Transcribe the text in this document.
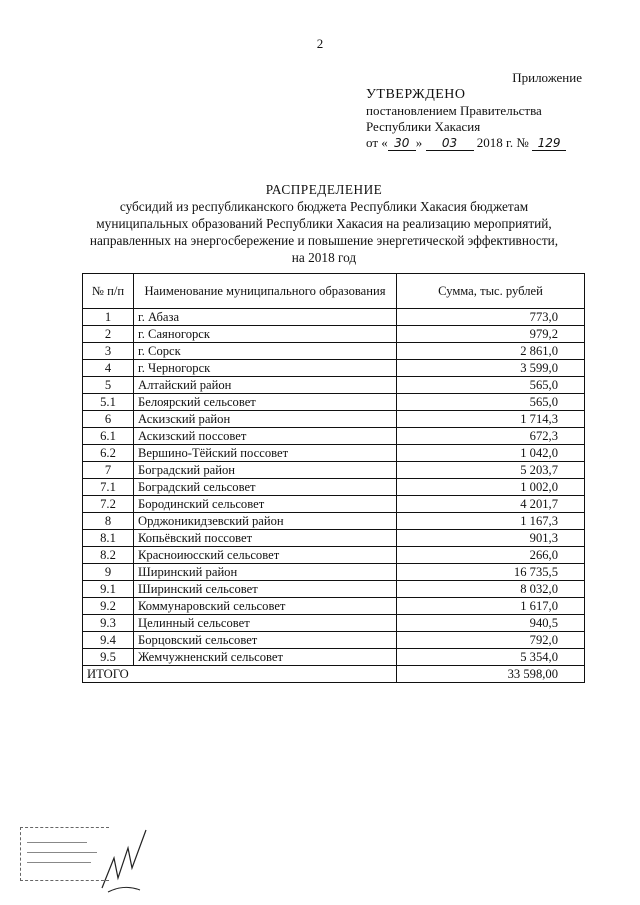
2
Приложение
УТВЕРЖДЕНО
постановлением Правительства
Республики Хакасия
от « 30 » 03 2018 г. № 129
РАСПРЕДЕЛЕНИЕ
субсидий из республиканского бюджета Республики Хакасия бюджетам
муниципальных образований Республики Хакасия на реализацию мероприятий,
направленных на энергосбережение и повышение энергетической эффективности,
на 2018 год
№ п/п	Наименование муниципального образования	Сумма, тыс. рублей
1	г. Абаза	773,0
2	г. Саяногорск	979,2
3	г. Сорск	2 861,0
4	г. Черногорск	3 599,0
5	Алтайский район	565,0
5.1	Белоярский сельсовет	565,0
6	Аскизский район	1 714,3
6.1	Аскизский поссовет	672,3
6.2	Вершино-Тёйский поссовет	1 042,0
7	Боградский район	5 203,7
7.1	Боградский сельсовет	1 002,0
7.2	Бородинский сельсовет	4 201,7
8	Орджоникидзевский район	1 167,3
8.1	Копьёвский поссовет	901,3
8.2	Красноиюсский сельсовет	266,0
9	Ширинский район	16 735,5
9.1	Ширинский сельсовет	8 032,0
9.2	Коммунаровский сельсовет	1 617,0
9.3	Целинный сельсовет	940,5
9.4	Борцовский сельсовет	792,0
9.5	Жемчужненский сельсовет	5 354,0
ИТОГО		33 598,00
